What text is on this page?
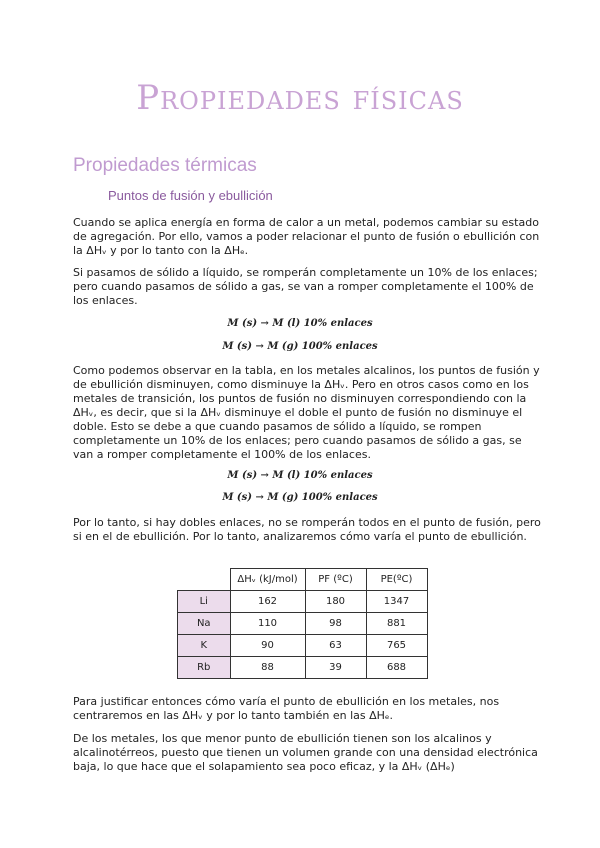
Propiedades físicas
Propiedades térmicas
Puntos de fusión y ebullición

Cuando se aplica energía en forma de calor a un metal, podemos cambiar su estado de agregación. Por ello, vamos a poder relacionar el punto de fusión o ebullición con la ΔHᵥ y por lo tanto con la ΔHₑ.

Si pasamos de sólido a líquido, se romperán completamente un 10% de los enlaces; pero cuando pasamos de sólido a gas, se van a romper completamente el 100% de los enlaces.

M (s) → M (l) 10% enlaces
M (s) → M (g) 100% enlaces

Como podemos observar en la tabla, en los metales alcalinos, los puntos de fusión y de ebullición disminuyen, como disminuye la ΔHᵥ. Pero en otros casos como en los metales de transición, los puntos de fusión no disminuyen correspondiendo con la ΔHᵥ, es decir, que si la ΔHᵥ disminuye el doble el punto de fusión no disminuye el doble. Esto se debe a que cuando pasamos de sólido a líquido, se rompen completamente un 10% de los enlaces; pero cuando pasamos de sólido a gas, se van a romper completamente el 100% de los enlaces.

M (s) → M (l) 10% enlaces
M (s) → M (g) 100% enlaces

Por lo tanto, si hay dobles enlaces, no se romperán todos en el punto de fusión, pero si en el de ebullición. Por lo tanto, analizaremos cómo varía el punto de ebullición.

	ΔHᵥ (kJ/mol)	PF (ºC)	PE(ºC)
Li	162	180	1347
Na	110	98	881
K	90	63	765
Rb	88	39	688

Para justificar entonces cómo varía el punto de ebullición en los metales, nos centraremos en las ΔHᵥ y por lo tanto también en las ΔHₑ.

De los metales, los que menor punto de ebullición tienen son los alcalinos y alcalinotérreos, puesto que tienen un volumen grande con una densidad electrónica baja, lo que hace que el solapamiento sea poco eficaz, y la ΔHᵥ (ΔHₑ)
